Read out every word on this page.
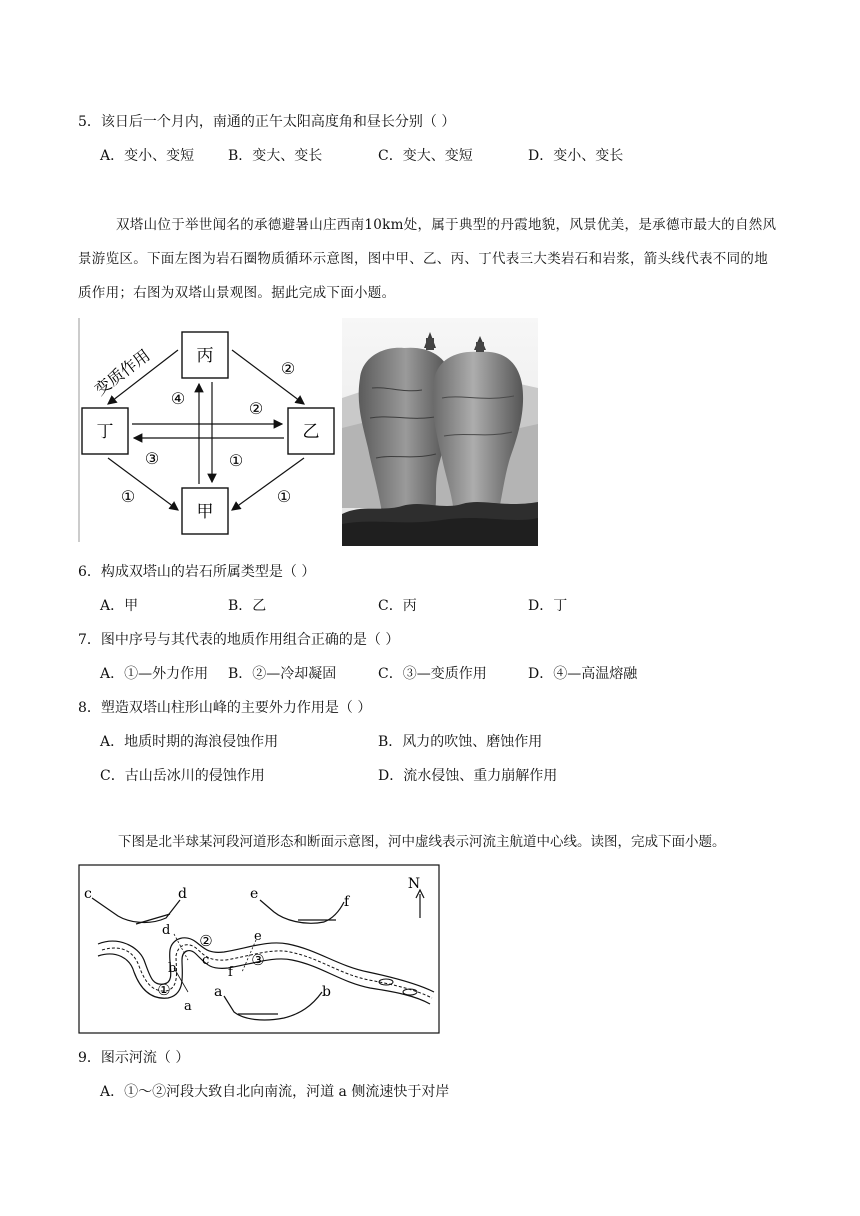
5．该日后一个月内，南通的正午太阳高度角和昼长分别（ ）
A．变小、变短 B．变大、变长	C．变大、变短	D．变小、变长
双塔山位于举世闻名的承德避暑山庄西南10km处，属于典型的丹霞地貌，风景优美，是承德市最大的自然风景游览区。下面左图为岩石圈物质循环示意图，图中甲、乙、丙、丁代表三大类岩石和岩浆，箭头线代表不同的地质作用；右图为双塔山景观图。据此完成下面小题。
丙
乙
丁
甲
变质作用	②
④
②
③	①
①	①
6．构成双塔山的岩石所属类型是（ ）
A．甲	B．乙	C．丙	D．丁
7．图中序号与其代表的地质作用组合正确的是（ ）
A．①—外力作用 B．②—冷却凝固	C．③—变质作用	D．④—高温熔融
8．塑造双塔山柱形山峰的主要外力作用是（ ）
A．地质时期的海浪侵蚀作用	B．风力的吹蚀、磨蚀作用
C．古山岳冰川的侵蚀作用	D．流水侵蚀、重力崩解作用
下图是北半球某河段河道形态和断面示意图，河中虚线表示河流主航道中心线。读图，完成下面小题。
c	d	e	f
N
d
c
e
f
b
a
②
③
①	a	b
9．图示河流（ ）
A．①～②河段大致自北向南流，河道 a 侧流速快于对岸
